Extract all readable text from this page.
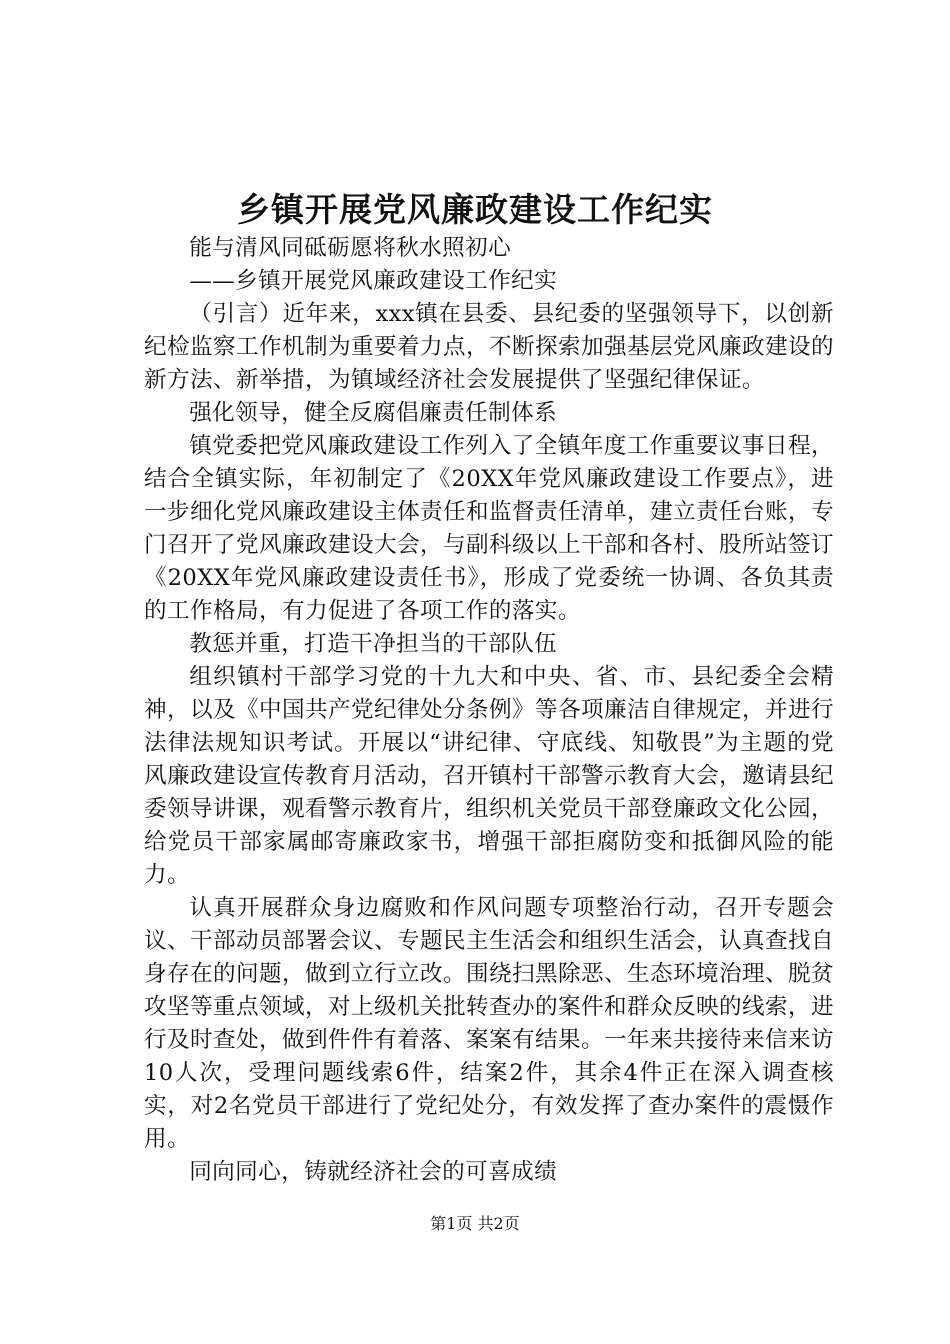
乡镇开展党风廉政建设工作纪实

能与清风同砥砺愿将秋水照初心

——乡镇开展党风廉政建设工作纪实

（引言）近年来，xxx镇在县委、县纪委的坚强领导下，以创新纪检监察工作机制为重要着力点，不断探索加强基层党风廉政建设的新方法、新举措，为镇域经济社会发展提供了坚强纪律保证。

强化领导，健全反腐倡廉责任制体系

镇党委把党风廉政建设工作列入了全镇年度工作重要议事日程，结合全镇实际，年初制定了《20XX年党风廉政建设工作要点》，进一步细化党风廉政建设主体责任和监督责任清单，建立责任台账，专门召开了党风廉政建设大会，与副科级以上干部和各村、股所站签订《20XX年党风廉政建设责任书》，形成了党委统一协调、各负其责的工作格局，有力促进了各项工作的落实。

教惩并重，打造干净担当的干部队伍

组织镇村干部学习党的十九大和中央、省、市、县纪委全会精神，以及《中国共产党纪律处分条例》等各项廉洁自律规定，并进行法律法规知识考试。开展以“讲纪律、守底线、知敬畏”为主题的党风廉政建设宣传教育月活动，召开镇村干部警示教育大会，邀请县纪委领导讲课，观看警示教育片，组织机关党员干部登廉政文化公园，给党员干部家属邮寄廉政家书，增强干部拒腐防变和抵御风险的能力。

认真开展群众身边腐败和作风问题专项整治行动，召开专题会议、干部动员部署会议、专题民主生活会和组织生活会，认真查找自身存在的问题，做到立行立改。围绕扫黑除恶、生态环境治理、脱贫攻坚等重点领域，对上级机关批转查办的案件和群众反映的线索，进行及时查处，做到件件有着落、案案有结果。一年来共接待来信来访10人次，受理问题线索6件，结案2件，其余4件正在深入调查核实，对2名党员干部进行了党纪处分，有效发挥了查办案件的震慑作用。

同向同心，铸就经济社会的可喜成绩

第1页 共2页
